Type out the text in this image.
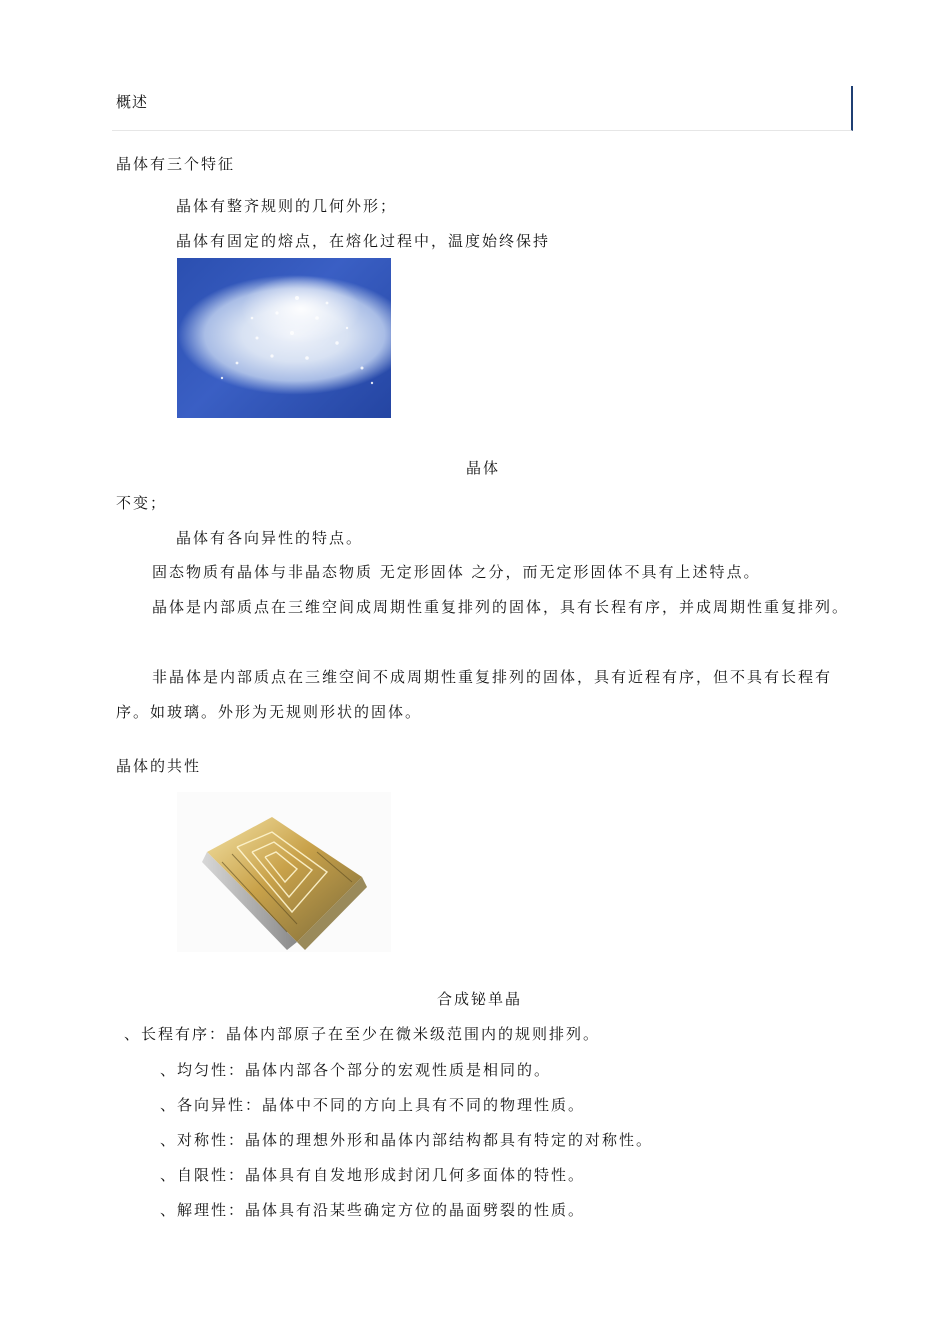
概述
晶体有三个特征
晶体有整齐规则的几何外形；
晶体有固定的熔点，在熔化过程中，温度始终保持
晶体
不变；
晶体有各向异性的特点。
固态物质有晶体与非晶态物质 无定形固体 之分，而无定形固体不具有上述特点。
晶体是内部质点在三维空间成周期性重复排列的固体，具有长程有序，并成周期性重复排列。
非晶体是内部质点在三维空间不成周期性重复排列的固体，具有近程有序，但不具有长程有序。如玻璃。外形为无规则形状的固体。
晶体的共性
合成铋单晶
、长程有序：晶体内部原子在至少在微米级范围内的规则排列。
、均匀性：晶体内部各个部分的宏观性质是相同的。
、各向异性：晶体中不同的方向上具有不同的物理性质。
、对称性：晶体的理想外形和晶体内部结构都具有特定的对称性。
、自限性：晶体具有自发地形成封闭几何多面体的特性。
、解理性：晶体具有沿某些确定方位的晶面劈裂的性质。
